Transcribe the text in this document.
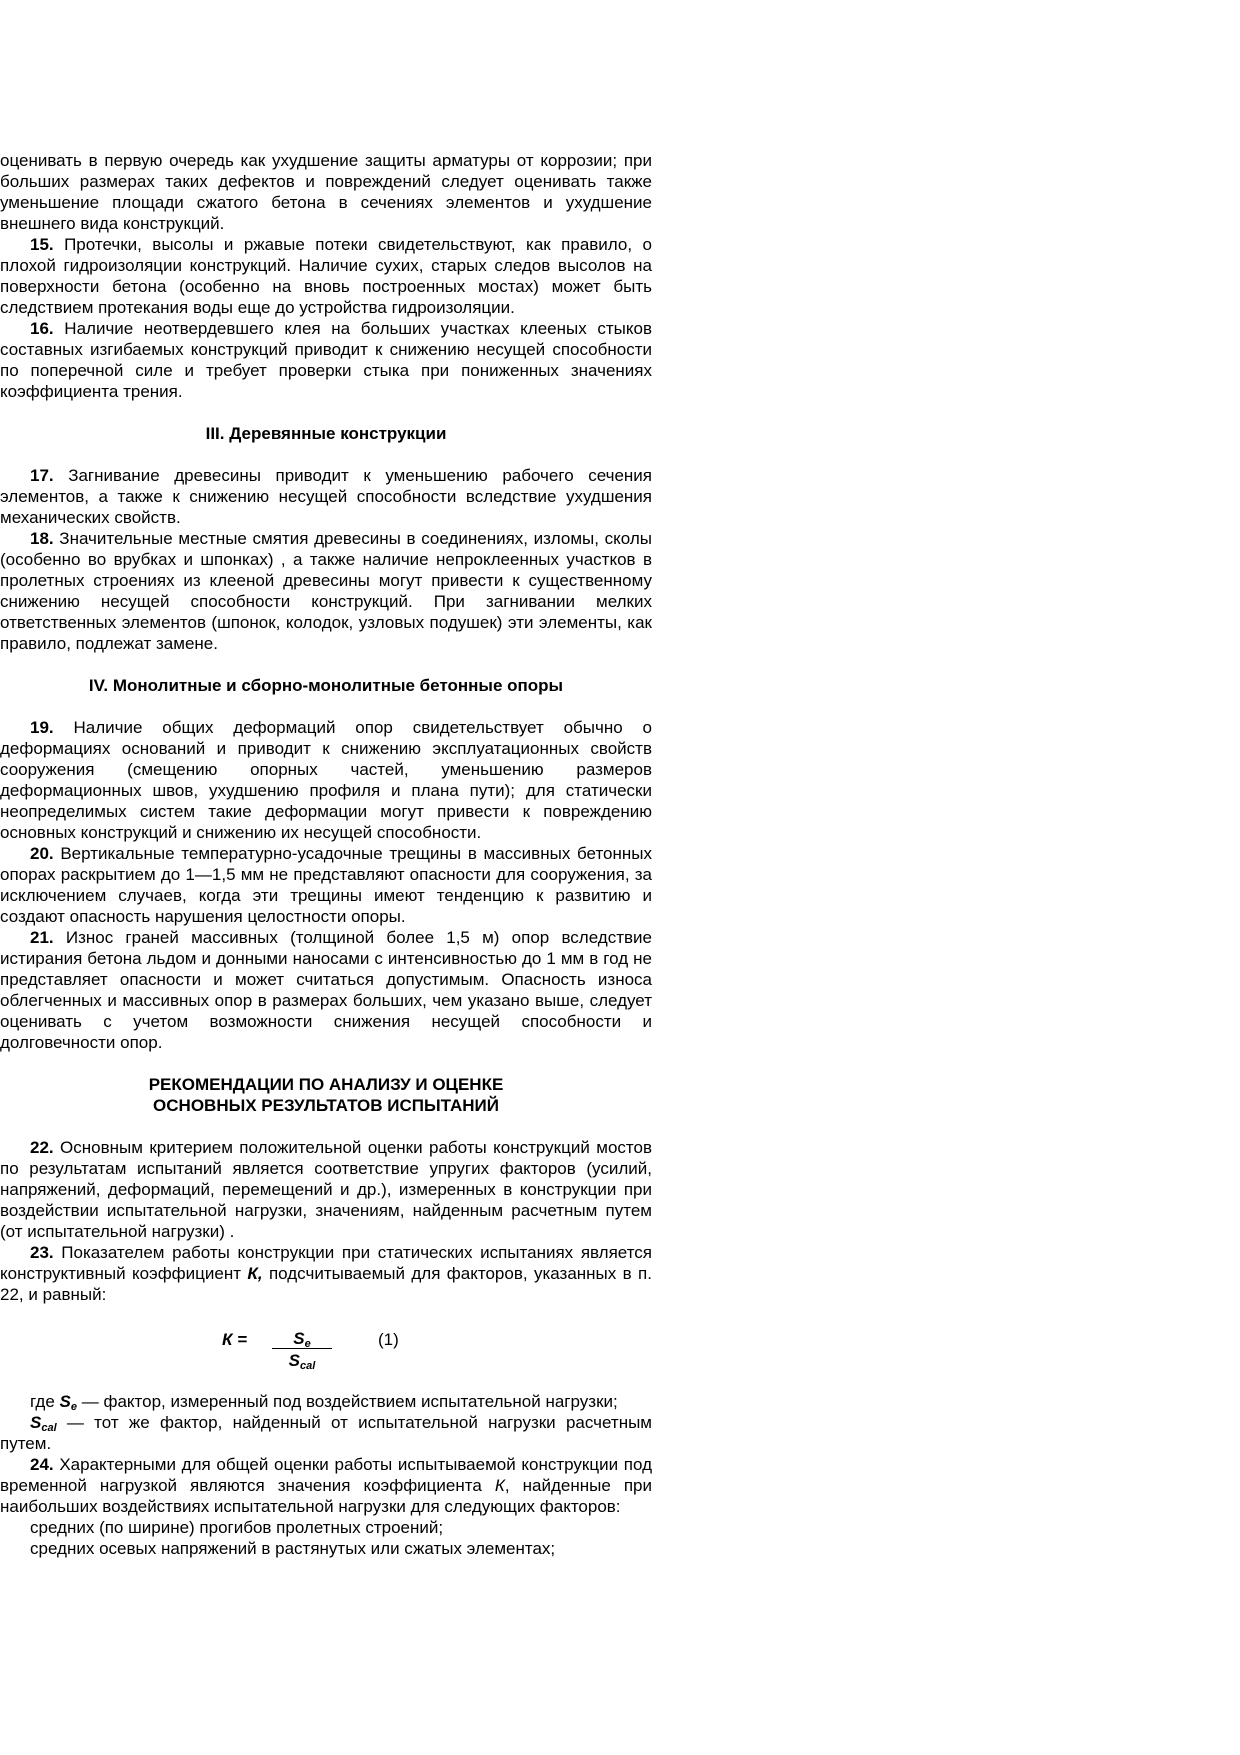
оценивать в первую очередь как ухудшение защиты арматуры от коррозии; при больших размерах таких дефектов и повреждений следует оценивать также уменьшение площади сжатого бетона в сечениях элементов и ухудшение внешнего вида конструкций.

15. Протечки, высолы и ржавые потеки свидетельствуют, как правило, о плохой гидроизоляции конструкций. Наличие сухих, старых следов высолов на поверхности бетона (особенно на вновь построенных мостах) может быть следствием протекания воды еще до устройства гидроизоляции.

16. Наличие неотвердевшего клея на больших участках клееных стыков составных изгибаемых конструкций приводит к снижению несущей способности по поперечной силе и требует проверки стыка при пониженных значениях коэффициента трения.

III. Деревянные конструкции

17. Загнивание древесины приводит к уменьшению рабочего сечения элементов, а также к снижению несущей способности вследствие ухудшения механических свойств.

18. Значительные местные смятия древесины в соединениях, изломы, сколы (особенно во врубках и шпонках) , а также наличие непроклеенных участков в пролетных строениях из клееной древесины могут привести к существенному снижению несущей способности конструкций. При загнивании мелких ответственных элементов (шпонок, колодок, узловых подушек) эти элементы, как правило, подлежат замене.

IV. Монолитные и сборно-монолитные бетонные опоры

19. Наличие общих деформаций опор свидетельствует обычно о деформациях оснований и приводит к снижению эксплуатационных свойств сооружения (смещению опорных частей, уменьшению размеров деформационных швов, ухудшению профиля и плана пути); для статически неопределимых систем такие деформации могут привести к повреждению основных конструкций и снижению их несущей способности.

20. Вертикальные температурно-усадочные трещины в массивных бетонных опорах раскрытием до 1—1,5 мм не представляют опасности для сооружения, за исключением случаев, когда эти трещины имеют тенденцию к развитию и создают опасность нарушения целостности опоры.

21. Износ граней массивных (толщиной более 1,5 м) опор вследствие истирания бетона льдом и донными наносами с интенсивностью до 1 мм в год не представляет опасности и может считаться допустимым. Опасность износа облегченных и массивных опор в размерах больших, чем указано выше, следует оценивать с учетом возможности снижения несущей способности и долговечности опор.

РЕКОМЕНДАЦИИ ПО АНАЛИЗУ И ОЦЕНКЕ
ОСНОВНЫХ РЕЗУЛЬТАТОВ ИСПЫТАНИЙ

22. Основным критерием положительной оценки работы конструкций мостов по результатам испытаний является соответствие упругих факторов (усилий, напряжений, деформаций, перемещений и др.), измеренных в конструкции при воздействии испытательной нагрузки, значениям, найденным расчетным путем (от испытательной нагрузки) .

23. Показателем работы конструкции при статических испытаниях является конструктивный коэффициент К, подсчитываемый для факторов, указанных в п. 22, и равный:

К =	$S_e$
$S_{cal}$
(1)

где $S_e$ — фактор, измеренный под воздействием испытательной нагрузки;

$S_{cal}$ — тот же фактор, найденный от испытательной нагрузки расчетным путем.

24. Характерными для общей оценки работы испытываемой конструкции под временной нагрузкой являются значения коэффициента К, найденные при наибольших воздействиях испытательной нагрузки для следующих факторов:

средних (по ширине) прогибов пролетных строений;

средних осевых напряжений в растянутых или сжатых элементах;
